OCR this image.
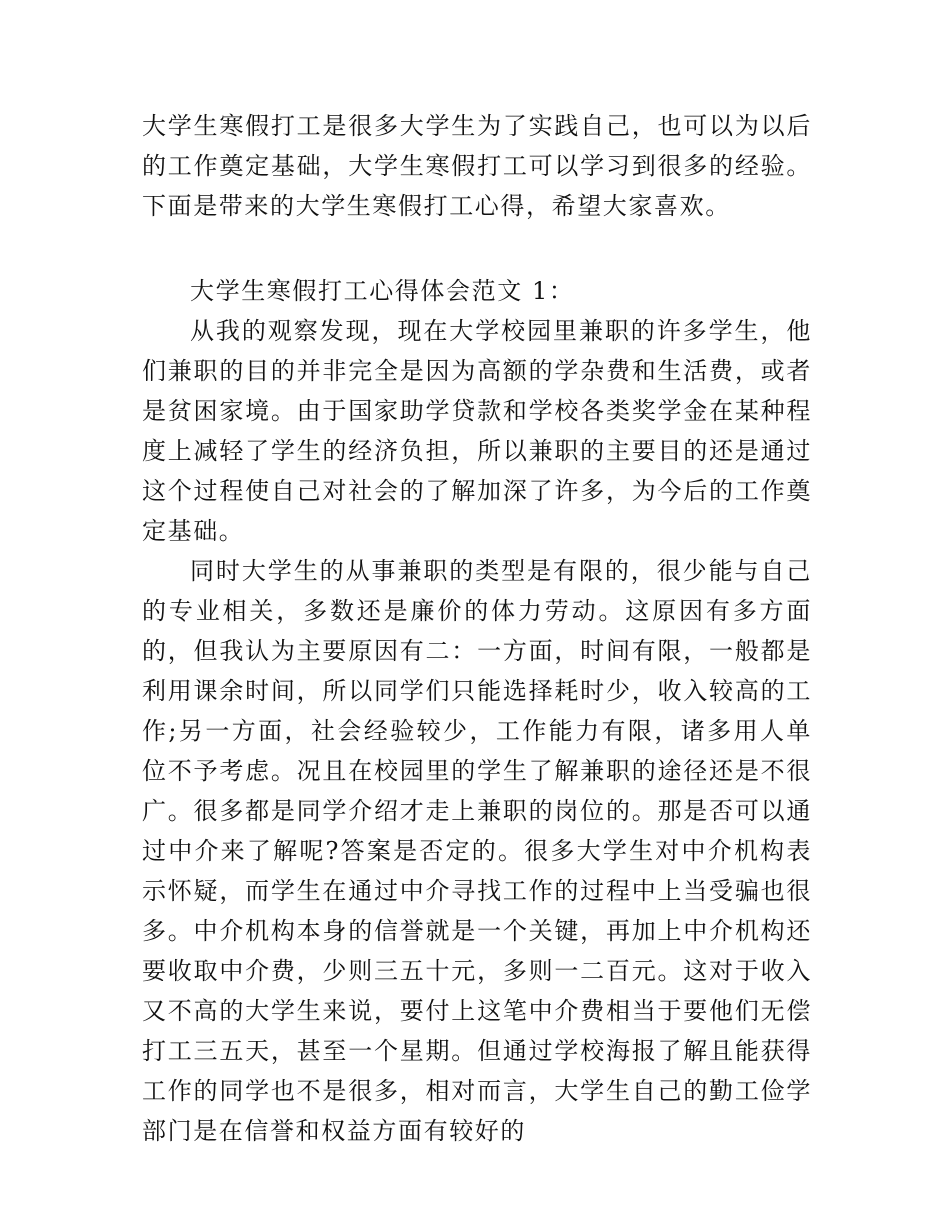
大学生寒假打工是很多大学生为了实践自己，也可以为以后的工作奠定基础，大学生寒假打工可以学习到很多的经验。下面是带来的大学生寒假打工心得，希望大家喜欢。

大学生寒假打工心得体会范文 1：

从我的观察发现，现在大学校园里兼职的许多学生，他们兼职的目的并非完全是因为高额的学杂费和生活费，或者是贫困家境。由于国家助学贷款和学校各类奖学金在某种程度上减轻了学生的经济负担，所以兼职的主要目的还是通过这个过程使自己对社会的了解加深了许多，为今后的工作奠定基础。

同时大学生的从事兼职的类型是有限的，很少能与自己的专业相关，多数还是廉价的体力劳动。这原因有多方面的，但我认为主要原因有二：一方面，时间有限，一般都是利用课余时间，所以同学们只能选择耗时少，收入较高的工作;另一方面，社会经验较少，工作能力有限，诸多用人单位不予考虑。况且在校园里的学生了解兼职的途径还是不很广。很多都是同学介绍才走上兼职的岗位的。那是否可以通过中介来了解呢?答案是否定的。很多大学生对中介机构表示怀疑，而学生在通过中介寻找工作的过程中上当受骗也很多。中介机构本身的信誉就是一个关键，再加上中介机构还要收取中介费，少则三五十元，多则一二百元。这对于收入又不高的大学生来说，要付上这笔中介费相当于要他们无偿打工三五天，甚至一个星期。但通过学校海报了解且能获得工作的同学也不是很多，相对而言，大学生自己的勤工俭学部门是在信誉和权益方面有较好的
